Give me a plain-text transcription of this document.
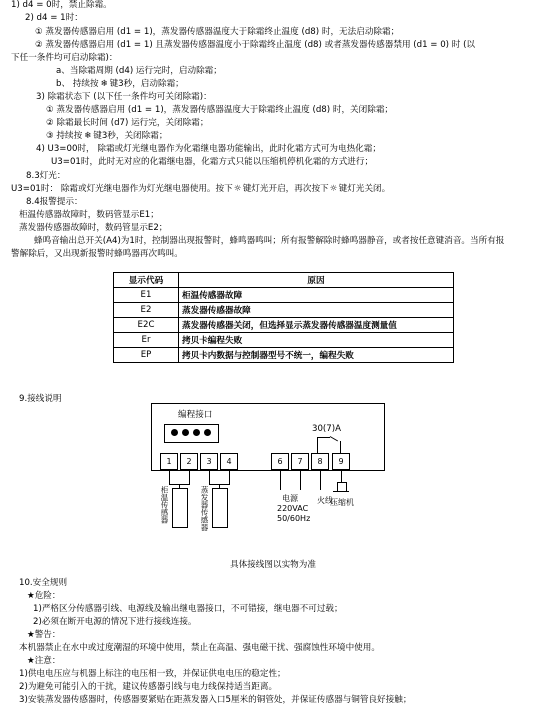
1) d4 = 0时，禁止除霜。
2) d4 = 1时：
① 蒸发器传感器启用 (d1 = 1)，蒸发器传感器温度大于除霜终止温度 (d8) 时，无法启动除霜；
② 蒸发器传感器启用 (d1 = 1) 且蒸发器传感器温度小于除霜终止温度 (d8) 或者蒸发器传感器禁用 (d1 = 0) 时 (以
下任一条件均可启动除霜)：
a、当除霜周期 (d4) 运行完时，启动除霜；
b、 持续按 ❄ 键3秒，启动除霜；
3) 除霜状态下 (以下任一条件均可关闭除霜)：
① 蒸发器传感器启用 (d1 = 1)，蒸发器传感器温度大于除霜终止温度 (d8) 时，关闭除霜；
② 除霜最长时间 (d7) 运行完，关闭除霜；
③ 持续按 ❄ 键3秒，关闭除霜；
4) U3=00时， 除霜或灯光继电器作为化霜继电器功能输出，此时化霜方式可为电热化霜；
U3=01时，此时无对应的化霜继电器，化霜方式只能以压缩机停机化霜的方式进行；
8.3灯光：
U3=01时： 除霜或灯光继电器作为灯光继电器使用。按下☼键灯光开启，再次按下☼键灯光关闭。
8.4报警提示：
柜温传感器故障时，数码管显示E1；
蒸发器传感器故障时，数码管显示E2；
蜂鸣音输出总开关(A4)为1时，控制器出现报警时，蜂鸣器鸣叫；所有报警解除时蜂鸣器静音，或者按任意键消音。当所有报
警解除后，又出现新报警时蜂鸣器再次鸣叫。
显示代码	原因
E1	柜温传感器故障
E2	蒸发器传感器故障
E2C	蒸发器传感器关闭，但选择显示蒸发器传感器温度测量值
Er	拷贝卡编程失败
EP	拷贝卡内数据与控制器型号不统一，编程失败
9.接线说明
编程接口
30(7)A
1	2	3	4	6	7	8	9
柜温传感器	蒸发器传感器	电源
220VAC
50/60Hz
火线
压缩机
具体接线图以实物为准
10.安全规则
★危险：
1)严格区分传感器引线、电源线及输出继电器接口，不可错接，继电器不可过载；
2)必须在断开电源的情况下进行接线连接。
★警告：
本机器禁止在水中或过度潮湿的环境中使用，禁止在高温、强电磁干扰、强腐蚀性环境中使用。
★注意：
1)供电电压应与机器上标注的电压相一致，并保证供电电压的稳定性；
2)为避免可能引入的干扰，建议传感器引线与电力线保持适当距离。
3)安装蒸发器传感器时，传感器要紧贴在距蒸发器入口5厘米的铜管处，并保证传感器与铜管良好接触；
